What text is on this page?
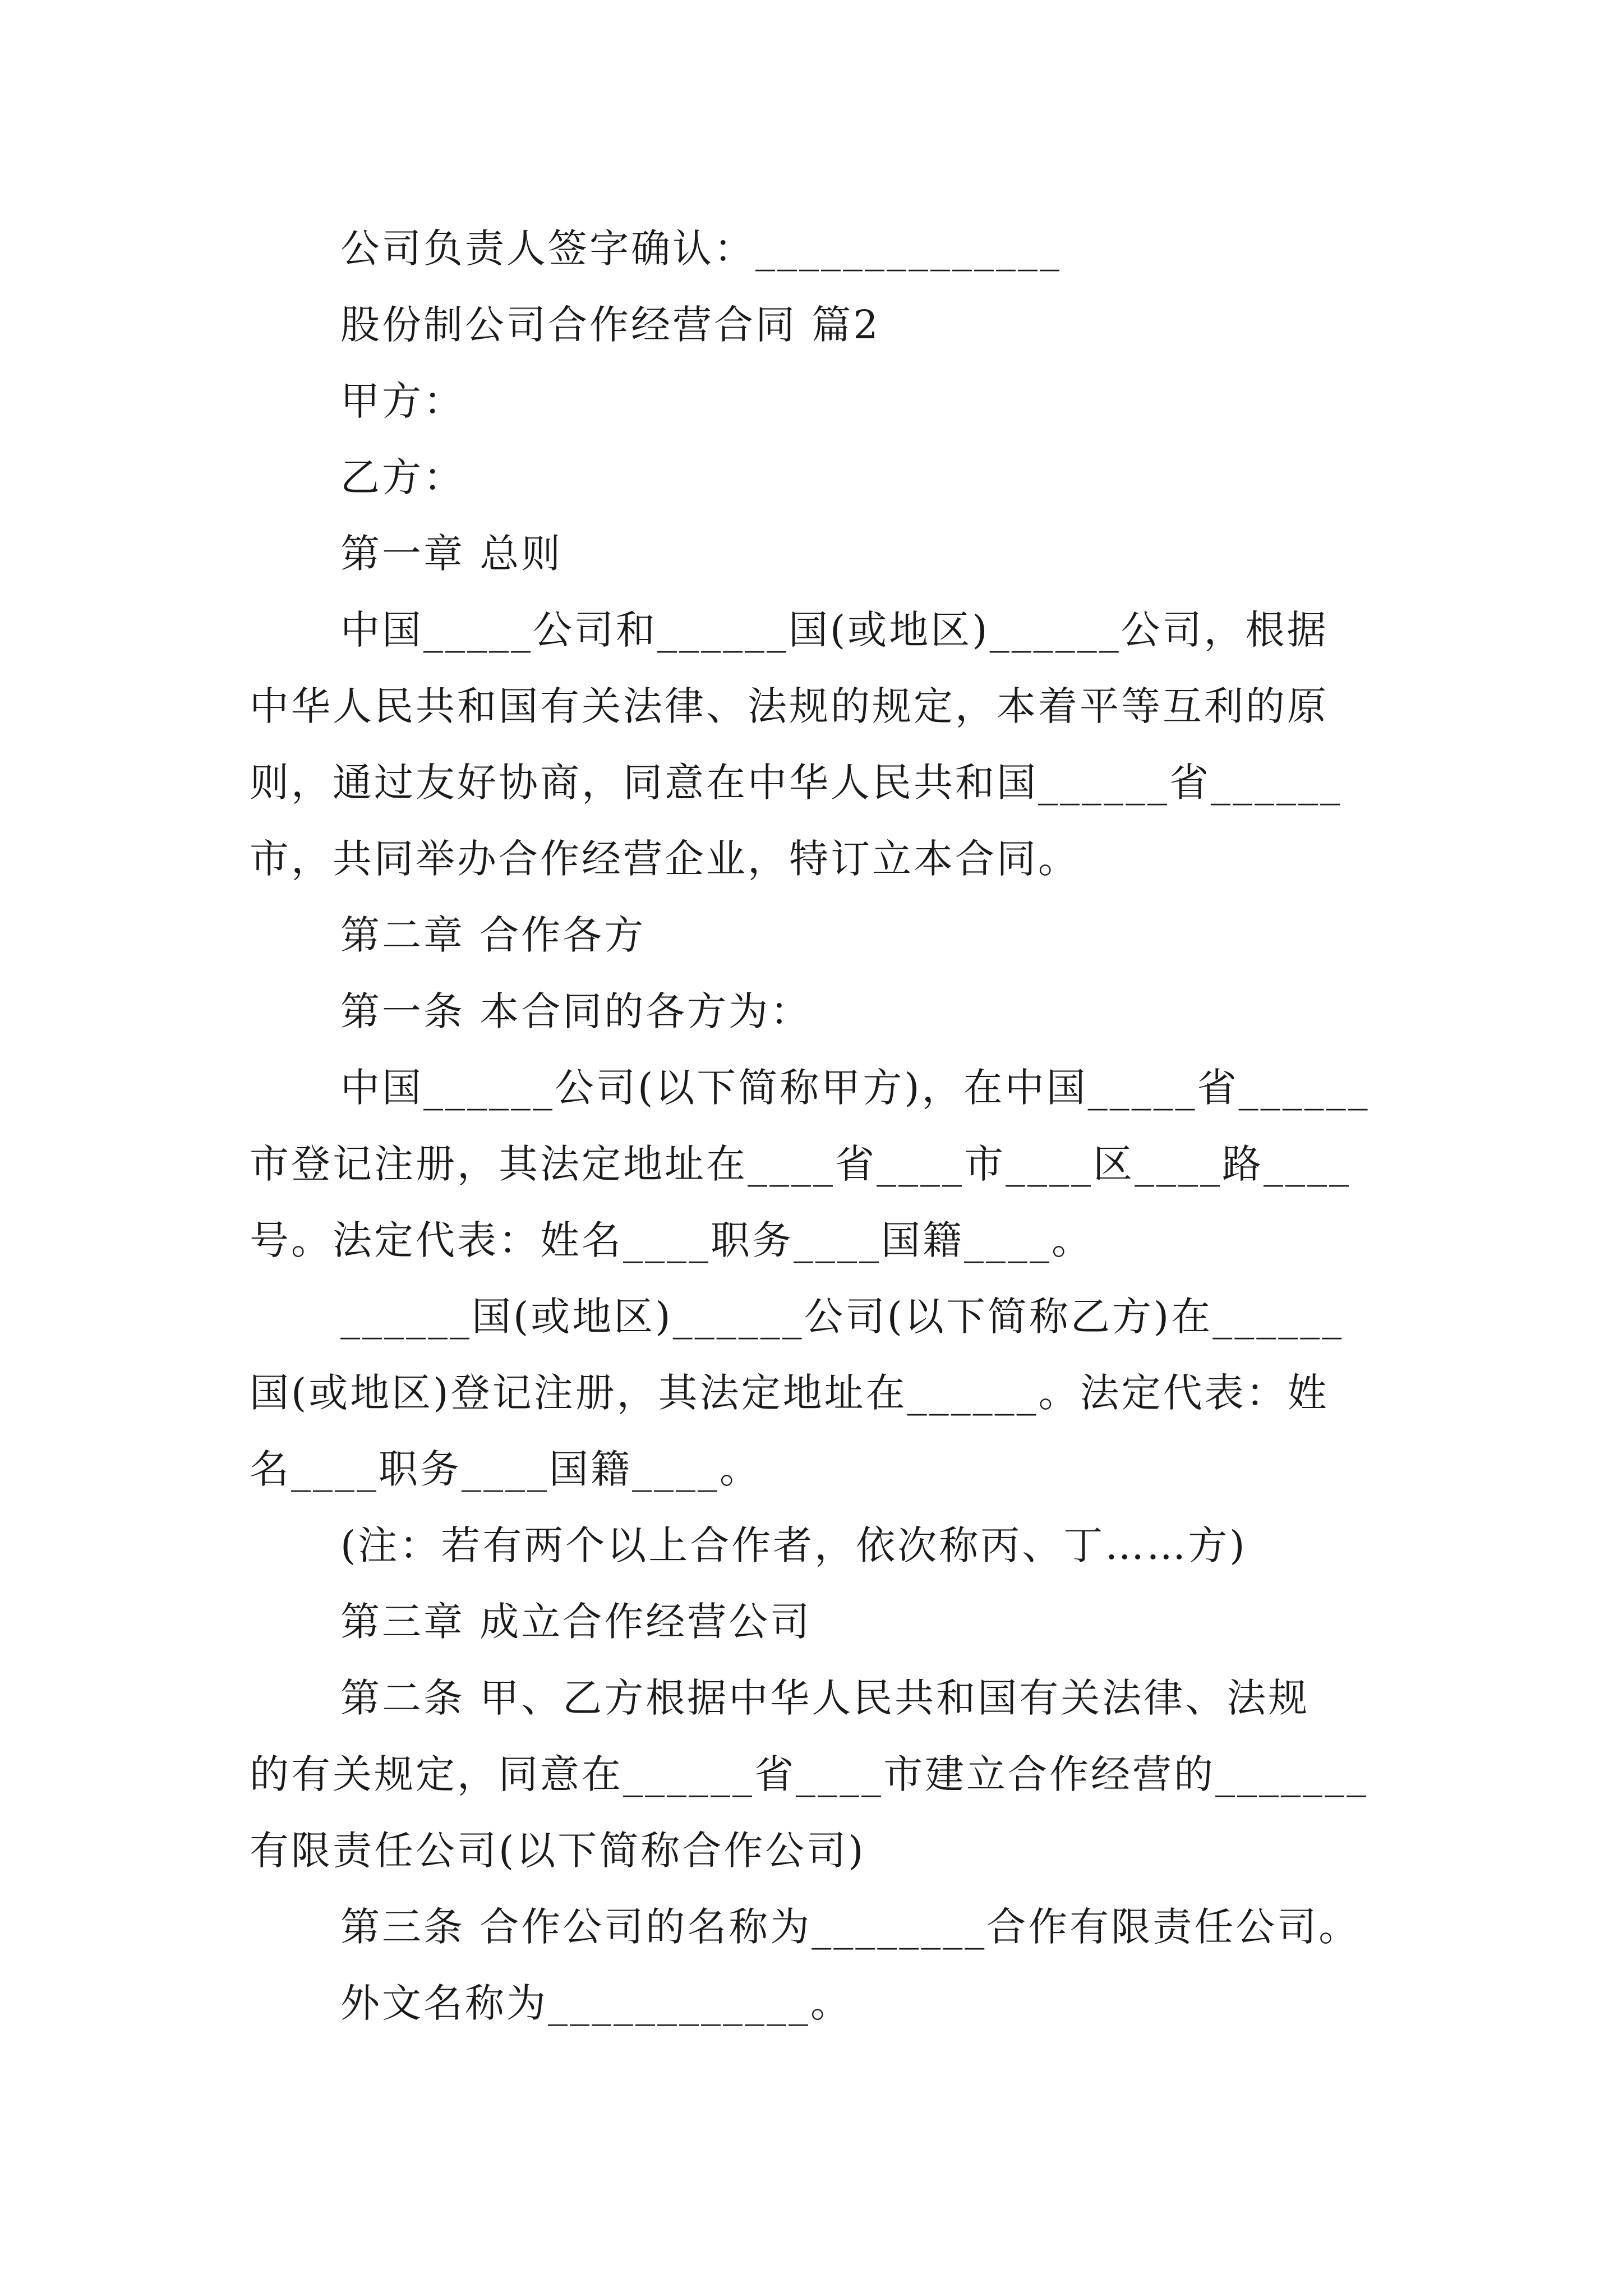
公司负责人签字确认：______________
股份制公司合作经营合同 篇2
甲方：
乙方：
第一章 总则
中国_____公司和______国(或地区)______公司，根据
中华人民共和国有关法律、法规的规定，本着平等互利的原
则，通过友好协商，同意在中华人民共和国______省______
市，共同举办合作经营企业，特订立本合同。
第二章 合作各方
第一条 本合同的各方为：
中国______公司(以下简称甲方)，在中国_____省______
市登记注册，其法定地址在____省____市____区____路____
号。法定代表：姓名____职务____国籍____。
______国(或地区)______公司(以下简称乙方)在______
国(或地区)登记注册，其法定地址在______。法定代表：姓
名____职务____国籍____。
(注：若有两个以上合作者，依次称丙、丁……方)
第三章 成立合作经营公司
第二条 甲、乙方根据中华人民共和国有关法律、法规
的有关规定，同意在______省____市建立合作经营的_______
有限责任公司(以下简称合作公司)
第三条 合作公司的名称为________合作有限责任公司。
外文名称为____________。
